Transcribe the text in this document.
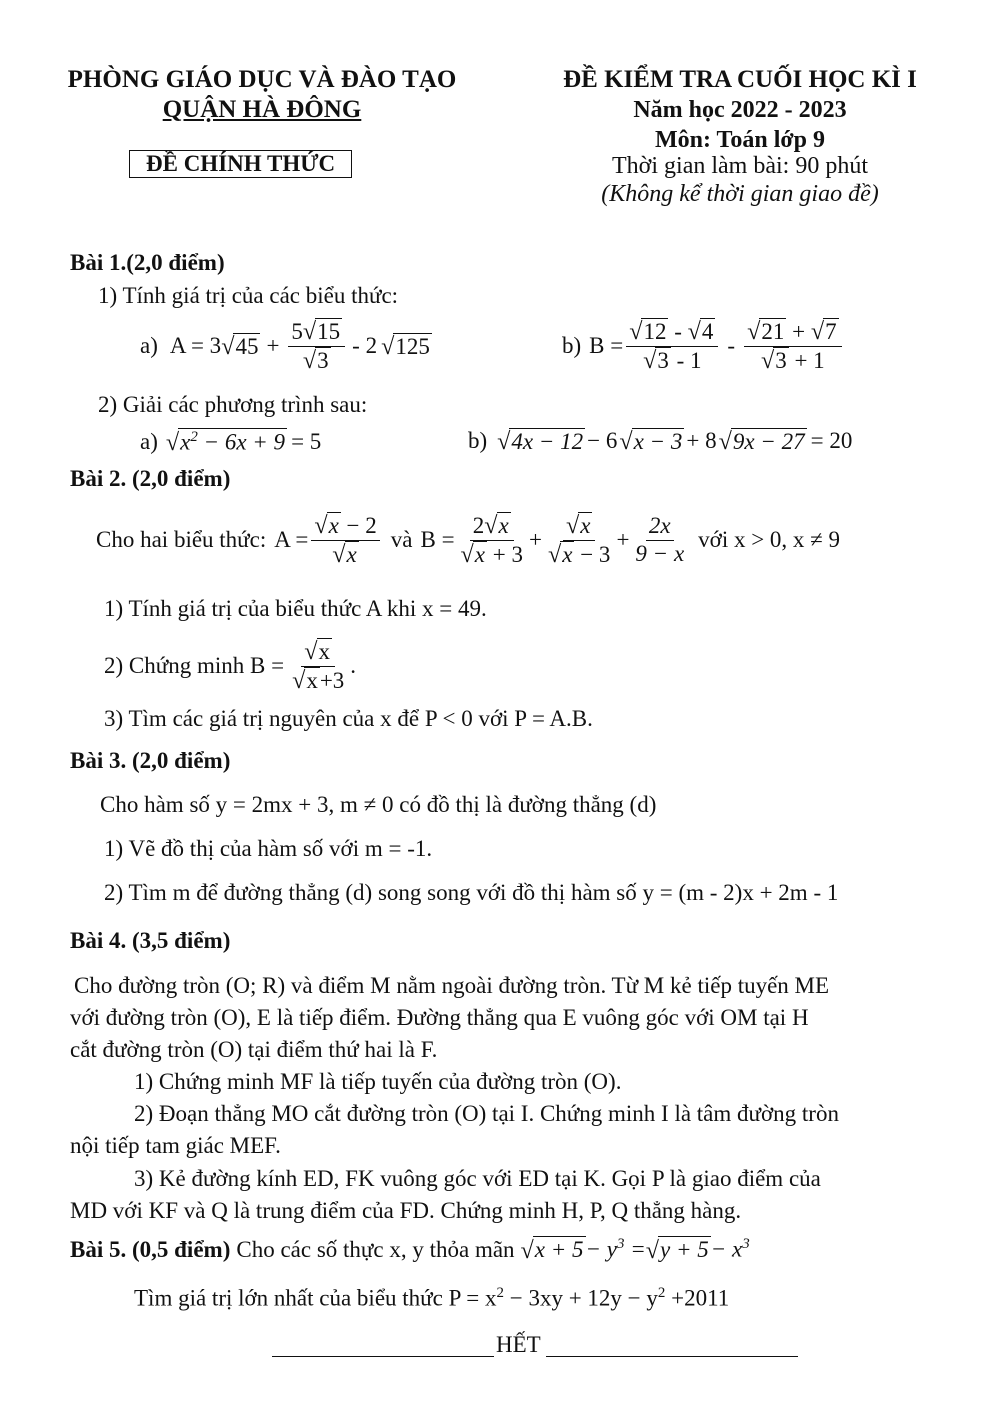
PHÒNG GIÁO DỤC VÀ ĐÀO TẠO
QUẬN HÀ ĐÔNG
ĐỀ CHÍNH THỨC
ĐỀ KIỂM TRA CUỐI HỌC KÌ I
Năm học 2022 - 2023
Môn: Toán lớp 9
Thời gian làm bài: 90 phút
(Không kể thời gian giao đề)
Bài 1.(2,0 điểm)
1) Tính giá trị của các biểu thức:
a) A = 3 √ $45 + \frac{5 √ 15}{√ 3} - 2$ √ 125	b) $B = \frac{√ 12 - √ 4}{√ 3 - 1} - \frac{√ 21 + √ 7}{√ 3 + 1}$
2) Giải các phương trình sau:
a) √ $x^2 - 6x + 9 = 5$	b) √ 4x − 12 − 6 √ x − 3 + 8 √ 9x − 27 = 20
Bài 2. (2,0 điểm)
Cho hai biểu thức: $A = \frac{√ x - 2}{√ x}$ và $B = \frac{2 √ x}{√ x + 3} + \frac{√ x}{√ x - 3} + \frac{2x}{9 - x}$ với x > 0, x ≠ 9
1) Tính giá trị của biểu thức A khi x = 49.
2) Chứng minh $B = \frac{√ x}{√ x +3}$ .
3) Tìm các giá trị nguyên của x để P < 0 với P = A.B.
Bài 3. (2,0 điểm)
Cho hàm số y = 2mx + 3, m ≠ 0 có đồ thị là đường thẳng (d)
1) Vẽ đồ thị của hàm số với m = -1.
2) Tìm m để đường thẳng (d) song song với đồ thị hàm số y = (m - 2)x + 2m - 1
Bài 4. (3,5 điểm)
Cho đường tròn (O; R) và điểm M nằm ngoài đường tròn. Từ M kẻ tiếp tuyến ME
với đường tròn (O), E là tiếp điểm. Đường thẳng qua E vuông góc với OM tại H
cắt đường tròn (O) tại điểm thứ hai là F.
1) Chứng minh MF là tiếp tuyến của đường tròn (O).
2) Đoạn thẳng MO cắt đường tròn (O) tại I. Chứng minh I là tâm đường tròn
nội tiếp tam giác MEF.
3) Kẻ đường kính ED, FK vuông góc với ED tại K. Gọi P là giao điểm của
MD với KF và Q là trung điểm của FD. Chứng minh H, P, Q thẳng hàng.
Bài 5. (0,5 điểm) Cho các số thực x, y thỏa mãn √ $x + 5 - y^3$ = √ $y + 5 - x^3$
Tìm giá trị lớn nhất của biểu thức $P = x^2 - 3xy + 12y - y^2 +2011$
HẾT
